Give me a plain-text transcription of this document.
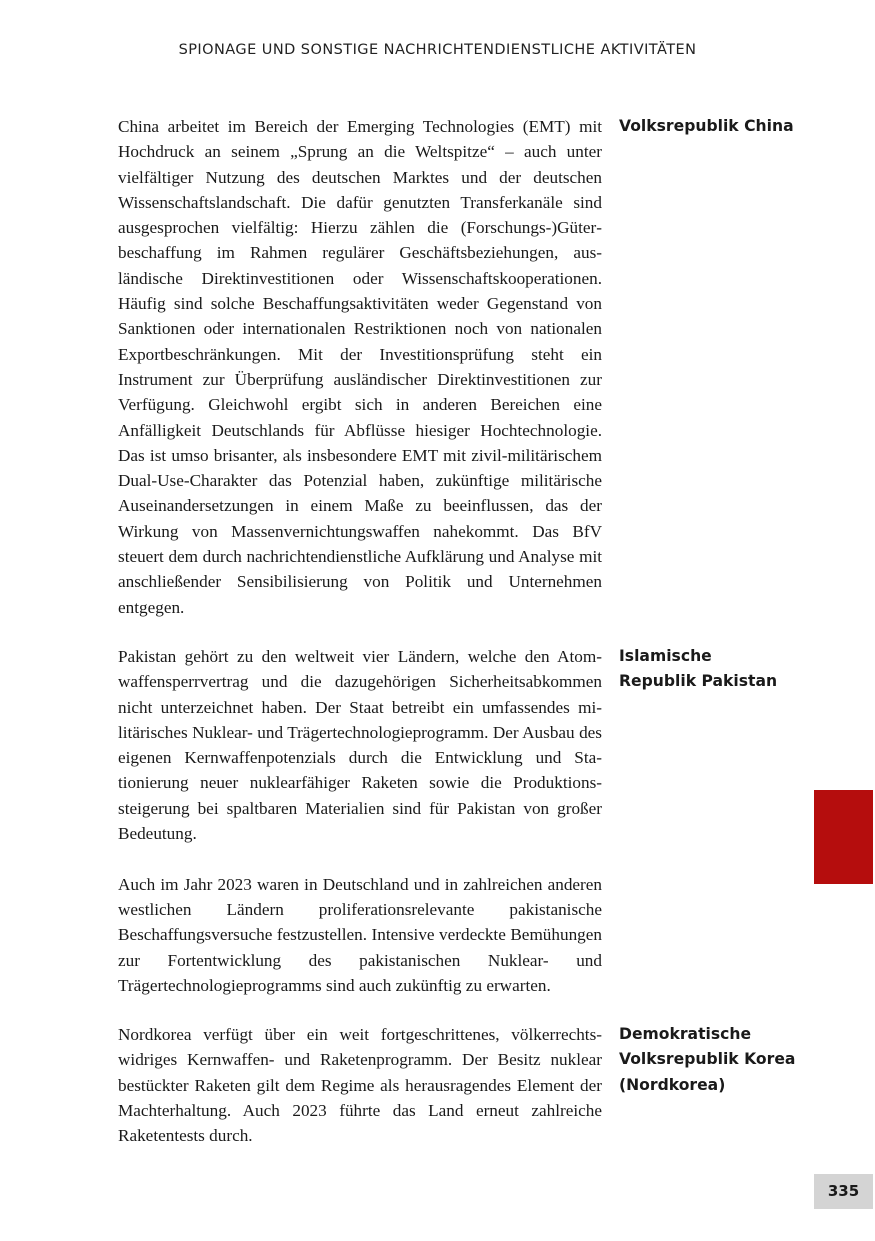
SPIONAGE UND SONSTIGE NACHRICHTENDIENSTLICHE AKTIVITÄTEN

China arbeitet im Bereich der Emerging Technologies (EMT) mit Hochdruck an seinem „Sprung an die Weltspitze“ – auch unter vielfältiger Nutzung des deutschen Marktes und der deutschen Wissenschaftslandschaft. Die dafür genutzten Transferkanäle sind ausgesprochen vielfältig: Hierzu zählen die (Forschungs-)Güterbeschaffung im Rahmen regulärer Geschäftsbeziehungen, ausländische Direktinvestitionen oder Wissenschaftskooperationen. Häufig sind solche Beschaffungsaktivitäten weder Gegenstand von Sanktionen oder internationalen Restriktionen noch von nationalen Exportbeschränkungen. Mit der Investitionsprüfung steht ein Instrument zur Überprüfung ausländischer Direktinvestitionen zur Verfügung. Gleichwohl ergibt sich in anderen Bereichen eine Anfälligkeit Deutschlands für Abflüsse hiesiger Hochtechnologie. Das ist umso brisanter, als insbesondere EMT mit zivil-militärischem Dual-Use-Charakter das Potenzial haben, zukünftige militärische Auseinandersetzungen in einem Maße zu beeinflussen, das der Wirkung von Massenvernichtungswaffen nahekommt. Das BfV steuert dem durch nachrichtendienstliche Aufklärung und Analyse mit anschließender Sensibilisierung von Politik und Unternehmen entgegen.

Volksrepublik China

Pakistan gehört zu den weltweit vier Ländern, welche den Atomwaffensperrvertrag und die dazugehörigen Sicherheitsabkommen nicht unterzeichnet haben. Der Staat betreibt ein umfassendes militärisches Nuklear- und Trägertechnologieprogramm. Der Ausbau des eigenen Kernwaffenpotenzials durch die Entwicklung und Stationierung neuer nuklearfähiger Raketen sowie die Produktionssteigerung bei spaltbaren Materialien sind für Pakistan von großer Bedeutung.

Auch im Jahr 2023 waren in Deutschland und in zahlreichen anderen westlichen Ländern proliferationsrelevante pakistanische Beschaffungsversuche festzustellen. Intensive verdeckte Bemühungen zur Fortentwicklung des pakistanischen Nuklear- und Trägertechnologieprogramms sind auch zukünftig zu erwarten.

Islamische
Republik Pakistan

Nordkorea verfügt über ein weit fortgeschrittenes, völkerrechtswidriges Kernwaffen- und Raketenprogramm. Der Besitz nuklear bestückter Raketen gilt dem Regime als herausragendes Element der Machterhaltung. Auch 2023 führte das Land erneut zahlreiche Raketentests durch.

Demokratische
Volksrepublik Korea
(Nordkorea)
335
